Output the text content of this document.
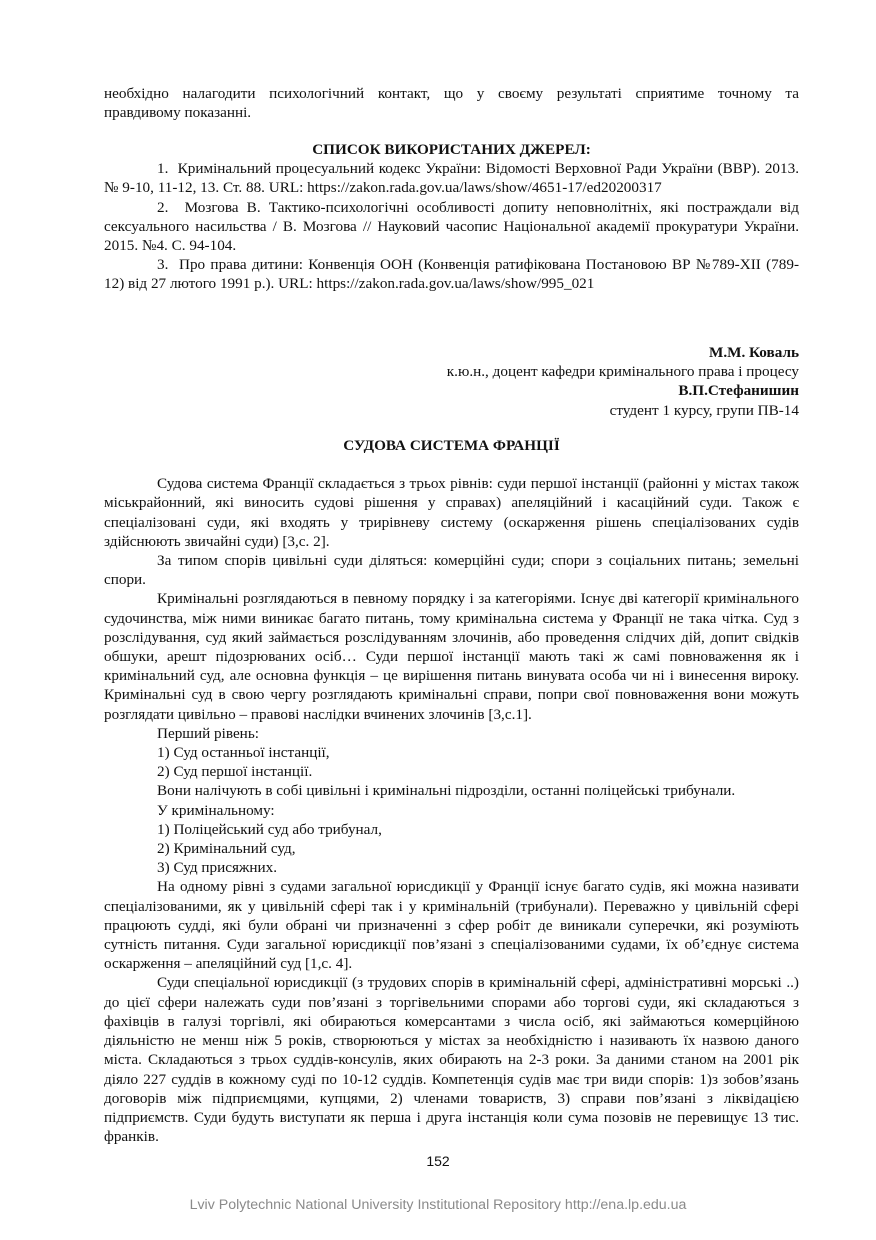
необхідно налагодити психологічний контакт, що у своєму результаті сприятиме точному та

правдивому показанні.

СПИСОК ВИКОРИСТАНИХ ДЖЕРЕЛ:

1.  Кримінальний процесуальний кодекс України: Відомості Верховної Ради України (ВВР). 2013. № 9-10, 11-12, 13. Ст. 88. URL: https://zakon.rada.gov.ua/laws/show/4651-17/ed20200317

2.  Мозгова В. Тактико-психологічні особливості допиту неповнолітніх, які постраждали від сексуального насильства / В. Мозгова // Науковий часопис Національної академії прокуратури України. 2015. №4. С. 94-104.

3.  Про права дитини: Конвенція ООН (Конвенція ратифікована Постановою ВР №789-XII (789-12) від 27 лютого 1991 р.). URL: https://zakon.rada.gov.ua/laws/show/995_021

М.М. Коваль

к.ю.н., доцент кафедри кримінального права і процесу

В.П.Стефанишин

студент 1 курсу, групи ПВ-14

СУДОВА СИСТЕМА ФРАНЦІЇ

Судова система Франції складається з трьох рівнів: суди першої інстанції (районні у містах також міськрайонний, які виносить судові рішення у справах) апеляційний і касаційний суди. Також є спеціалізовані суди, які входять у трирівневу систему (оскарження рішень спеціалізованих судів здійснюють звичайні суди) [3,с. 2].

За типом спорів цивільні суди діляться: комерційні суди; спори з соціальних питань; земельні спори.

Кримінальні розглядаються в певному порядку і за категоріями. Існує дві категорії кримінального судочинства, між ними виникає багато питань, тому кримінальна система у Франції не така чітка. Суд з розслідування, суд який займається розслідуванням злочинів, або проведення слідчих дій, допит свідків обшуки, арешт підозрюваних осіб… Суди першої інстанції мають такі ж самі повноваження як і кримінальний суд, але основна функція – це вирішення питань винувата особа чи ні і винесення вироку. Кримінальні суд в свою чергу розглядають кримінальні справи, попри свої повноваження вони можуть розглядати цивільно – правові наслідки вчинених злочинів [3,с.1].

Перший рівень:

1) Суд останньої інстанції,

2) Суд першої інстанції.

Вони налічують в собі цивільні і кримінальні підрозділи, останні поліцейські трибунали.

У кримінальному:

1) Поліцейський суд або трибунал,

2) Кримінальний суд,

3) Суд присяжних.

На одному рівні з судами загальної юрисдикції у Франції існує багато судів, які можна називати спеціалізованими, як у цивільній сфері так і у кримінальній (трибунали). Переважно у цивільній сфері працюють судді, які були обрані чи призначенні з сфер робіт де виникали суперечки, які розуміють сутність питання. Суди загальної юрисдикції пов’язані з спеціалізованими судами, їх об’єднує система оскарження – апеляційний суд [1,с. 4].

Суди спеціальної юрисдикції (з трудових спорів в кримінальній сфері, адміністративні морські ..) до цієї сфери належать суди пов’язані з торгівельними спорами або торгові суди, які складаються з фахівців в галузі торгівлі, які обираються комерсантами з числа осіб, які займаються комерційною діяльністю не менш ніж 5 років, створюються у містах за необхідністю і називають їх назвою даного міста. Складаються з трьох суддів-консулів, яких обирають на 2-3 роки. За даними станом на 2001 рік діяло 227 суддів в кожному суді по 10-12 суддів. Компетенція судів має три види спорів: 1)з зобов’язань договорів між підприємцями, купцями, 2) членами товариств, 3) справи пов’язані з ліквідацією підприємств. Суди будуть виступати як перша і друга інстанція коли сума позовів не перевищує 13 тис. франків.

152
Lviv Polytechnic National University Institutional Repository http://ena.lp.edu.ua
